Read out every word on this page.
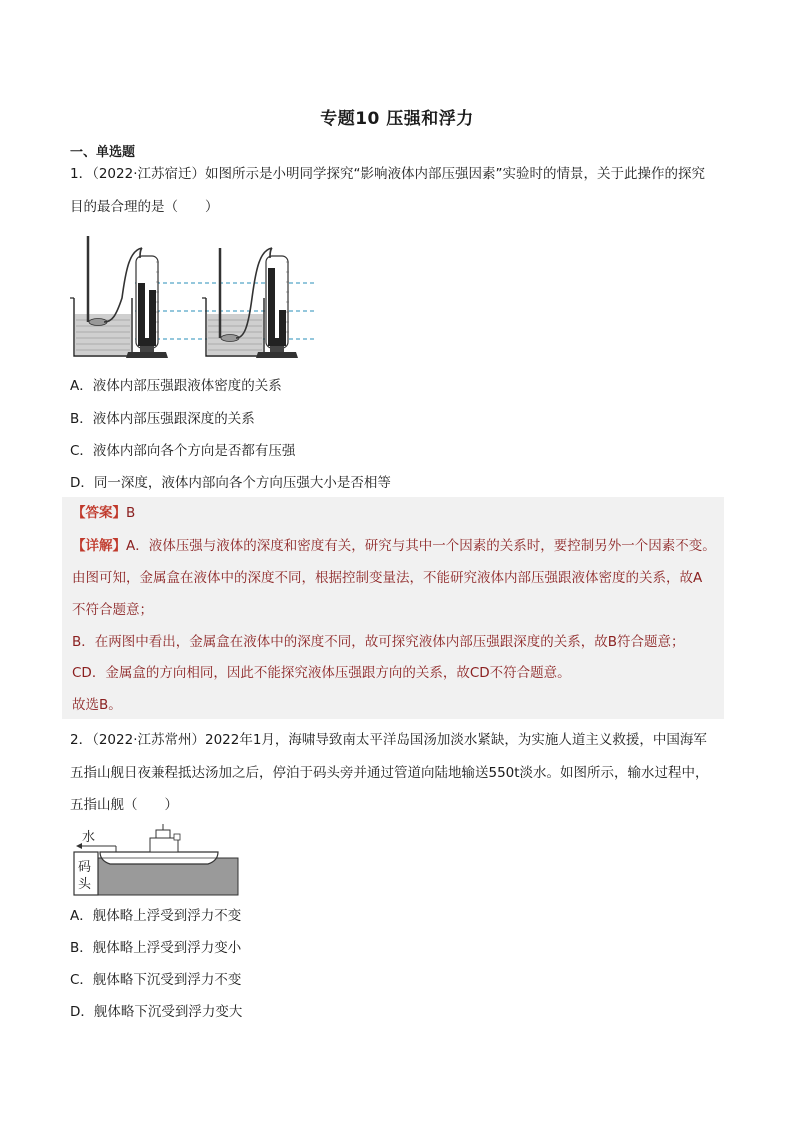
专题10 压强和浮力
一、单选题
1．（2022·江苏宿迁）如图所示是小明同学探究“影响液体内部压强因素”实验时的情景，关于此操作的探究
目的最合理的是（　　）
A．液体内部压强跟液体密度的关系
B．液体内部压强跟深度的关系
C．液体内部向各个方向是否都有压强
D．同一深度，液体内部向各个方向压强大小是否相等
【答案】B
【详解】A．液体压强与液体的深度和密度有关，研究与其中一个因素的关系时，要控制另外一个因素不变。
由图可知，金属盒在液体中的深度不同，根据控制变量法，不能研究液体内部压强跟液体密度的关系，故A
不符合题意；
B．在两图中看出，金属盒在液体中的深度不同，故可探究液体内部压强跟深度的关系，故B符合题意；
CD．金属盒的方向相同，因此不能探究液体压强跟方向的关系，故CD不符合题意。
故选B。
2．（2022·江苏常州）2022年1月，海啸导致南太平洋岛国汤加淡水紧缺，为实施人道主义救援，中国海军
五指山舰日夜兼程抵达汤加之后，停泊于码头旁并通过管道向陆地输送550t淡水。如图所示，输水过程中，
五指山舰（　　）
水
码
头
A．舰体略上浮受到浮力不变
B．舰体略上浮受到浮力变小
C．舰体略下沉受到浮力不变
D．舰体略下沉受到浮力变大
